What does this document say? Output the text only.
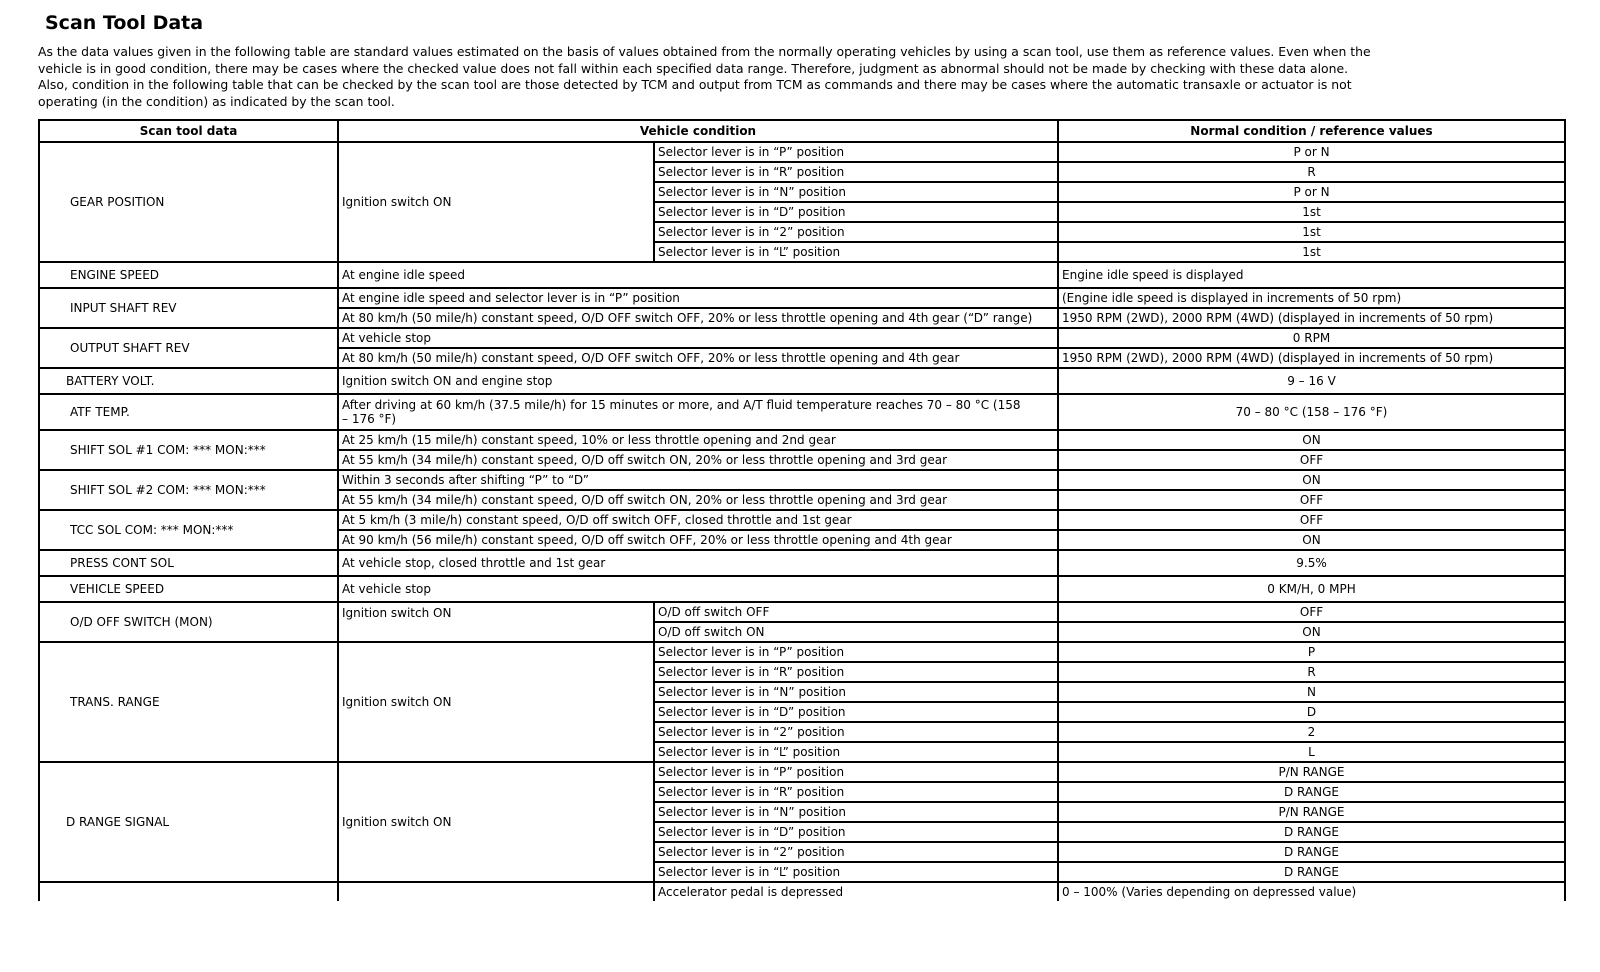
Scan Tool Data

As the data values given in the following table are standard values estimated on the basis of values obtained from the normally operating vehicles by using a scan tool, use them as reference values. Even when the
vehicle is in good condition, there may be cases where the checked value does not fall within each specified data range. Therefore, judgment as abnormal should not be made by checking with these data alone.
Also, condition in the following table that can be checked by the scan tool are those detected by TCM and output from TCM as commands and there may be cases where the automatic transaxle or actuator is not
operating (in the condition) as indicated by the scan tool.

Scan tool data	Vehicle condition		Normal condition / reference values
GEAR POSITION	Ignition switch ON	Selector lever is in “P” position	P or N
		Selector lever is in “R” position	R
		Selector lever is in “N” position	P or N
		Selector lever is in “D” position	1st
		Selector lever is in “2” position	1st
		Selector lever is in “L” position	1st
ENGINE SPEED	At engine idle speed		Engine idle speed is displayed
INPUT SHAFT REV	At engine idle speed and selector lever is in “P” position		(Engine idle speed is displayed in increments of 50 rpm)
	At 80 km/h (50 mile/h) constant speed, O/D OFF switch OFF, 20% or less throttle opening and 4th gear (“D” range)		1950 RPM (2WD), 2000 RPM (4WD) (displayed in increments of 50 rpm)
OUTPUT SHAFT REV	At vehicle stop		0 RPM
	At 80 km/h (50 mile/h) constant speed, O/D OFF switch OFF, 20% or less throttle opening and 4th gear		1950 RPM (2WD), 2000 RPM (4WD) (displayed in increments of 50 rpm)
BATTERY VOLT.	Ignition switch ON and engine stop		9 – 16 V
ATF TEMP.	After driving at 60 km/h (37.5 mile/h) for 15 minutes or more, and A/T fluid temperature reaches 70 – 80 °C (158
– 176 °F)		70 – 80 °C (158 – 176 °F)
SHIFT SOL #1 COM: *** MON:***	At 25 km/h (15 mile/h) constant speed, 10% or less throttle opening and 2nd gear		ON
	At 55 km/h (34 mile/h) constant speed, O/D off switch ON, 20% or less throttle opening and 3rd gear		OFF
SHIFT SOL #2 COM: *** MON:***	Within 3 seconds after shifting “P” to “D”		ON
	At 55 km/h (34 mile/h) constant speed, O/D off switch ON, 20% or less throttle opening and 3rd gear		OFF
TCC SOL COM: *** MON:***	At 5 km/h (3 mile/h) constant speed, O/D off switch OFF, closed throttle and 1st gear		OFF
	At 90 km/h (56 mile/h) constant speed, O/D off switch OFF, 20% or less throttle opening and 4th gear		ON
PRESS CONT SOL	At vehicle stop, closed throttle and 1st gear		9.5%
VEHICLE SPEED	At vehicle stop		0 KM/H, 0 MPH
O/D OFF SWITCH (MON)	Ignition switch ON	O/D off switch OFF	OFF
		O/D off switch ON	ON
TRANS. RANGE	Ignition switch ON	Selector lever is in “P” position	P
		Selector lever is in “R” position	R
		Selector lever is in “N” position	N
		Selector lever is in “D” position	D
		Selector lever is in “2” position	2
		Selector lever is in “L” position	L
D RANGE SIGNAL	Ignition switch ON	Selector lever is in “P” position	P/N RANGE
		Selector lever is in “R” position	D RANGE
		Selector lever is in “N” position	P/N RANGE
		Selector lever is in “D” position	D RANGE
		Selector lever is in “2” position	D RANGE
		Selector lever is in “L” position	D RANGE
		Accelerator pedal is depressed	0 – 100% (Varies depending on depressed value)
